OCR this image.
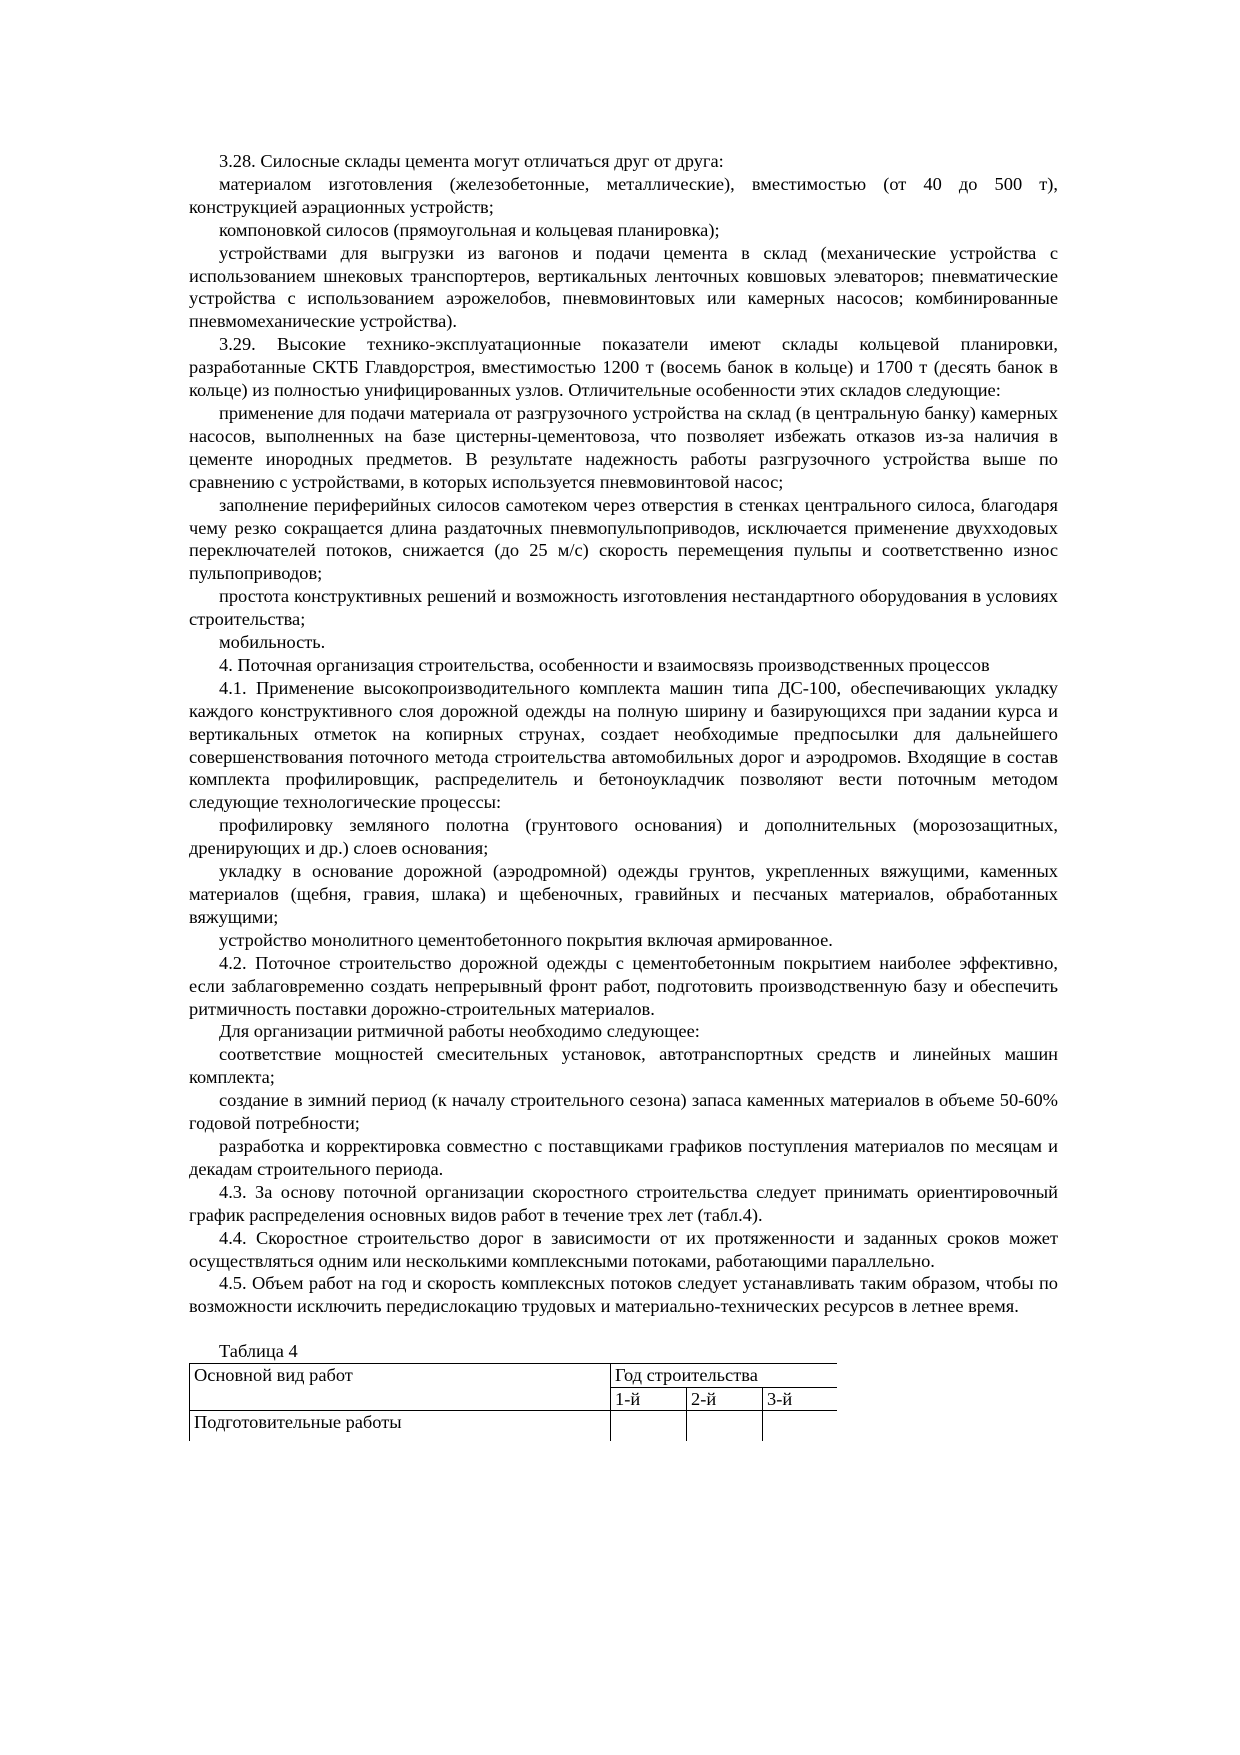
3.28. Силосные склады цемента могут отличаться друг от друга:

материалом изготовления (железобетонные, металлические), вместимостью (от 40 до 500 т), конструкцией аэрационных устройств;

компоновкой силосов (прямоугольная и кольцевая планировка);

устройствами для выгрузки из вагонов и подачи цемента в склад (механические устройства с использованием шнековых транспортеров, вертикальных ленточных ковшовых элеваторов; пневматические устройства с использованием аэрожелобов, пневмовинтовых или камерных насосов; комбинированные пневмомеханические устройства).

3.29. Высокие технико-эксплуатационные показатели имеют склады кольцевой планировки, разработанные СКТБ Главдорстроя, вместимостью 1200 т (восемь банок в кольце) и 1700 т (десять банок в кольце) из полностью унифицированных узлов. Отличительные особенности этих складов следующие:

применение для подачи материала от разгрузочного устройства на склад (в центральную банку) камерных насосов, выполненных на базе цистерны-цементовоза, что позволяет избежать отказов из-за наличия в цементе инородных предметов. В результате надежность работы разгрузочного устройства выше по сравнению с устройствами, в которых используется пневмовинтовой насос;

заполнение периферийных силосов самотеком через отверстия в стенках центрального силоса, благодаря чему резко сокращается длина раздаточных пневмопульпоприводов, исключается применение двухходовых переключателей потоков, снижается (до 25 м/с) скорость перемещения пульпы и соответственно износ пульпоприводов;

простота конструктивных решений и возможность изготовления нестандартного оборудования в условиях строительства;

мобильность.

4. Поточная организация строительства, особенности и взаимосвязь производственных процессов

4.1. Применение высокопроизводительного комплекта машин типа ДС-100, обеспечивающих укладку каждого конструктивного слоя дорожной одежды на полную ширину и базирующихся при задании курса и вертикальных отметок на копирных струнах, создает необходимые предпосылки для дальнейшего совершенствования поточного метода строительства автомобильных дорог и аэродромов. Входящие в состав комплекта профилировщик, распределитель и бетоноукладчик позволяют вести поточным методом следующие технологические процессы:

профилировку земляного полотна (грунтового основания) и дополнительных (морозозащитных, дренирующих и др.) слоев основания;

укладку в основание дорожной (аэродромной) одежды грунтов, укрепленных вяжущими, каменных материалов (щебня, гравия, шлака) и щебеночных, гравийных и песчаных материалов, обработанных вяжущими;

устройство монолитного цементобетонного покрытия включая армированное.

4.2. Поточное строительство дорожной одежды с цементобетонным покрытием наиболее эффективно, если заблаговременно создать непрерывный фронт работ, подготовить производственную базу и обеспечить ритмичность поставки дорожно-строительных материалов.

Для организации ритмичной работы необходимо следующее:

соответствие мощностей смесительных установок, автотранспортных средств и линейных машин комплекта;

создание в зимний период (к началу строительного сезона) запаса каменных материалов в объеме 50-60% годовой потребности;

разработка и корректировка совместно с поставщиками графиков поступления материалов по месяцам и декадам строительного периода.

4.3. За основу поточной организации скоростного строительства следует принимать ориентировочный график распределения основных видов работ в течение трех лет (табл.4).

4.4. Скоростное строительство дорог в зависимости от их протяженности и заданных сроков может осуществляться одним или несколькими комплексными потоками, работающими параллельно.

4.5. Объем работ на год и скорость комплексных потоков следует устанавливать таким образом, чтобы по возможности исключить передислокацию трудовых и материально-технических ресурсов в летнее время.

Таблица 4

Основной вид работ	Год строительства		
	1-й	2-й	3-й
Подготовительные работы			
